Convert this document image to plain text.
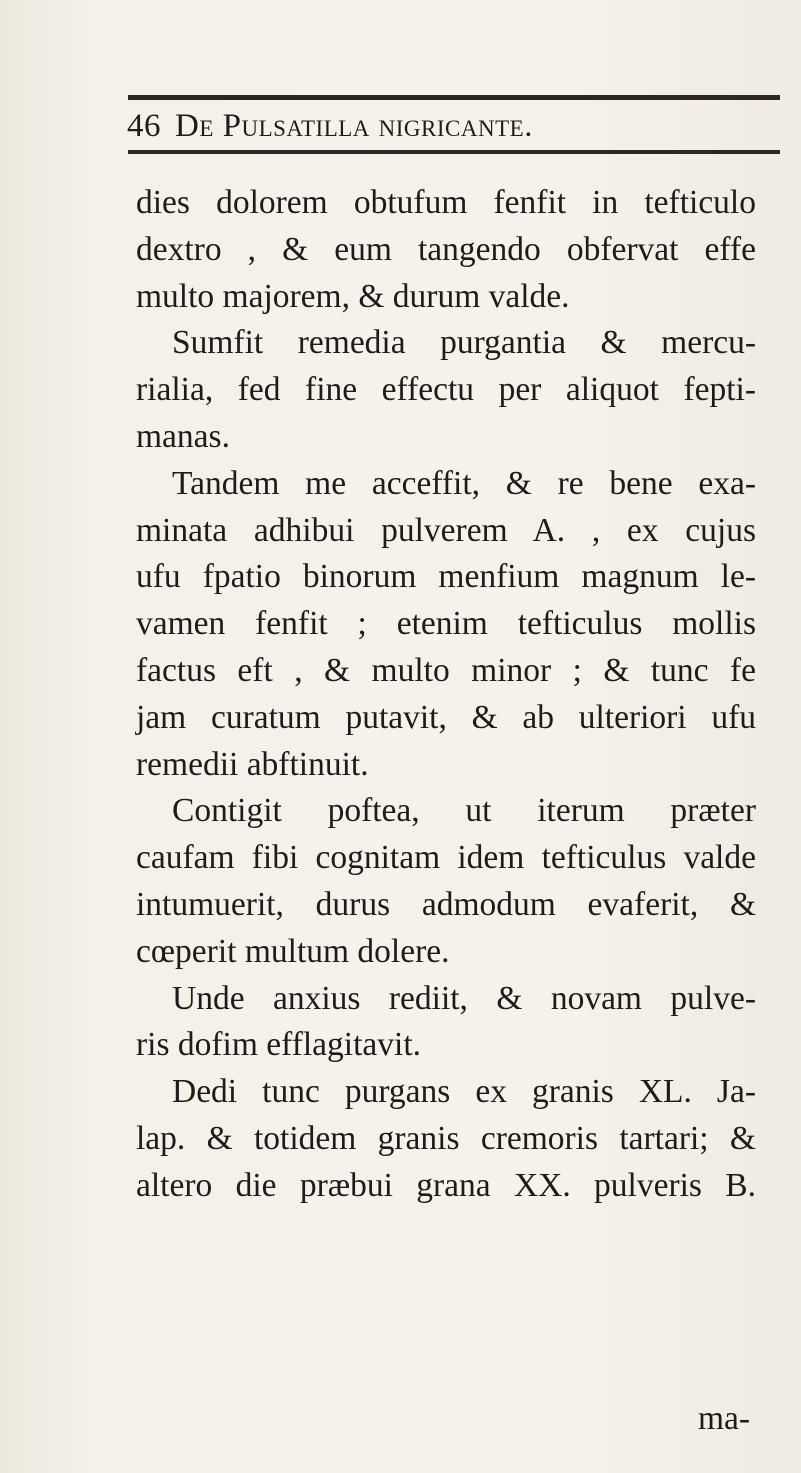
46 De Pulsatilla nigricante.
dies dolorem obtufum fenfit in tefticulo
dextro , & eum tangendo obfervat effe
multo majorem, & durum valde.
Sumfit remedia purgantia & mercu-
rialia, fed fine effectu per aliquot fepti-
manas.
Tandem me acceffit, & re bene exa-
minata adhibui pulverem A. , ex cujus
ufu fpatio binorum menfium magnum le-
vamen fenfit ; etenim tefticulus mollis
factus eft , & multo minor ; & tunc fe
jam curatum putavit, & ab ulteriori ufu
remedii abftinuit.
Contigit poftea, ut iterum præter
caufam fibi cognitam idem tefticulus valde
intumuerit, durus admodum evaferit, &
cœperit multum dolere.
Unde anxius rediit, & novam pulve-
ris dofim efflagitavit.
Dedi tunc purgans ex granis XL. Ja-
lap. & totidem granis cremoris tartari; &
altero die præbui grana XX. pulveris B.
ma-
